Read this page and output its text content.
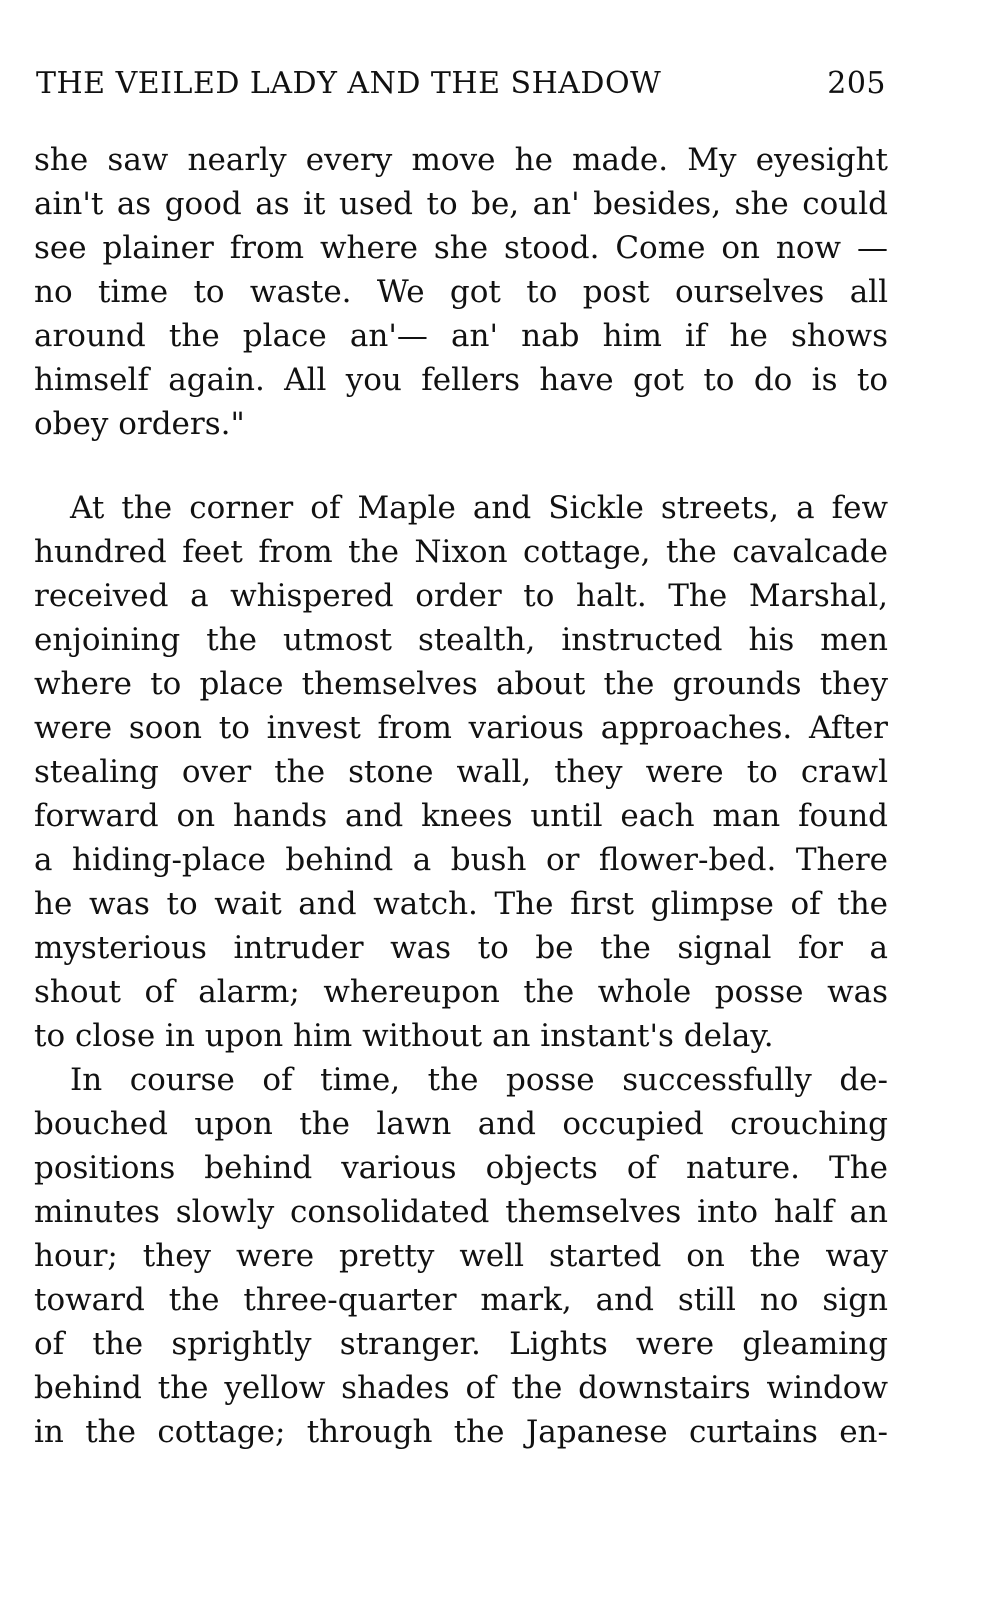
THE VEILED LADY AND THE SHADOW	205
she saw nearly every move he made. My eyesight
ain't as good as it used to be, an' besides, she could
see plainer from where she stood. Come on now —
no time to waste. We got to post ourselves all
around the place an'— an' nab him if he shows
himself again. All you fellers have got to do is to
obey orders."
At the corner of Maple and Sickle streets, a few
hundred feet from the Nixon cottage, the cavalcade
received a whispered order to halt. The Marshal,
enjoining the utmost stealth, instructed his men
where to place themselves about the grounds they
were soon to invest from various approaches. After
stealing over the stone wall, they were to crawl
forward on hands and knees until each man found
a hiding-place behind a bush or flower-bed. There
he was to wait and watch. The first glimpse of the
mysterious intruder was to be the signal for a
shout of alarm; whereupon the whole posse was
to close in upon him without an instant's delay.
In course of time, the posse successfully de-
bouched upon the lawn and occupied crouching
positions behind various objects of nature. The
minutes slowly consolidated themselves into half an
hour; they were pretty well started on the way
toward the three-quarter mark, and still no sign
of the sprightly stranger. Lights were gleaming
behind the yellow shades of the downstairs window
in the cottage; through the Japanese curtains en-
